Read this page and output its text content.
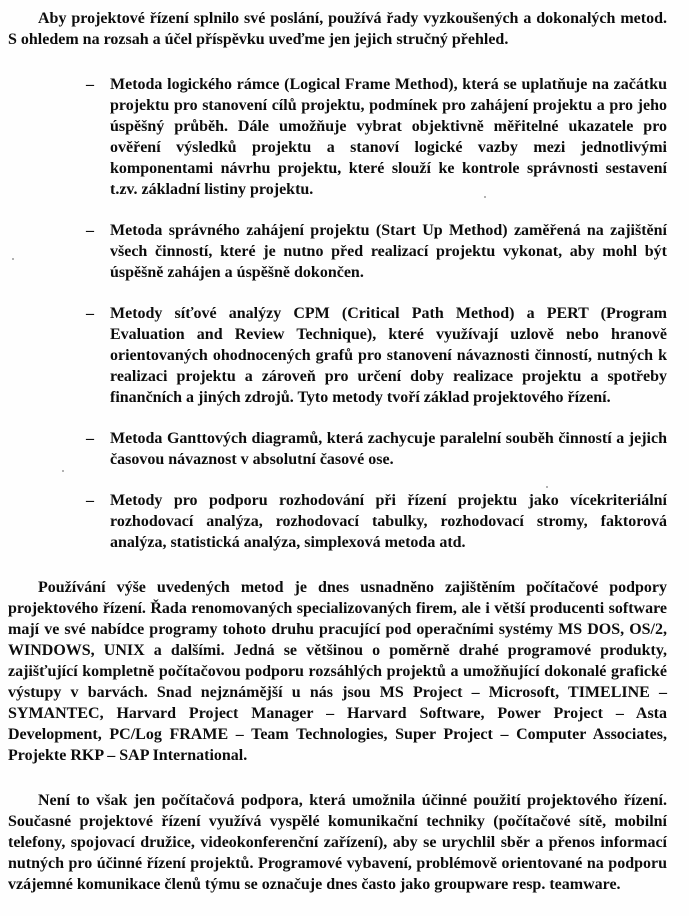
Aby projektové řízení splnilo své poslání, používá řady vyzkoušených a dokonalých metod. S ohledem na rozsah a účel příspěvku uveďme jen jejich stručný přehled.

– Metoda logického rámce (Logical Frame Method), která se uplatňuje na začátku projektu pro stanovení cílů projektu, podmínek pro zahájení projektu a pro jeho úspěšný průběh. Dále umožňuje vybrat objektivně měřitelné ukazatele pro ověření výsledků projektu a stanoví logické vazby mezi jednotlivými komponentami návrhu projektu, které slouží ke kontrole správnosti sestavení t.zv. základní listiny projektu.
– Metoda správného zahájení projektu (Start Up Method) zaměřená na zajištění všech činností, které je nutno před realizací projektu vykonat, aby mohl být úspěšně zahájen a úspěšně dokončen.
– Metody síťové analýzy CPM (Critical Path Method) a PERT (Program Evaluation and Review Technique), které využívají uzlově nebo hranově orientovaných ohodnocených grafů pro stanovení návaznosti činností, nutných k realizaci projektu a zároveň pro určení doby realizace projektu a spotřeby finančních a jiných zdrojů. Tyto metody tvoří základ projektového řízení.
– Metoda Ganttových diagramů, která zachycuje paralelní souběh činností a jejich časovou návaznost v absolutní časové ose.
– Metody pro podporu rozhodování při řízení projektu jako vícekriteriální rozhodovací analýza, rozhodovací tabulky, rozhodovací stromy, faktorová analýza, statistická analýza, simplexová metoda atd.

Používání výše uvedených metod je dnes usnadněno zajištěním počítačové podpory projektového řízení. Řada renomovaných specializovaných firem, ale i větší producenti software mají ve své nabídce programy tohoto druhu pracující pod operačními systémy MS DOS, OS/2, WINDOWS, UNIX a dalšími. Jedná se většinou o poměrně drahé programové produkty, zajišťující kompletně počítačovou podporu rozsáhlých projektů a umožňující dokonalé grafické výstupy v barvách. Snad nejznámější u nás jsou MS Project – Microsoft, TIMELINE – SYMANTEC, Harvard Project Manager – Harvard Software, Power Project – Asta Development, PC/Log FRAME – Team Technologies, Super Project – Computer Associates, Projekte RKP – SAP International.

Není to však jen počítačová podpora, která umožnila účinné použití projektového řízení. Současné projektové řízení využívá vyspělé komunikační techniky (počítačové sítě, mobilní telefony, spojovací družice, videokonferenční zařízení), aby se urychlil sběr a přenos informací nutných pro účinné řízení projektů. Programové vybavení, problémově orientované na podporu vzájemné komunikace členů týmu se označuje dnes často jako groupware resp. teamware.
